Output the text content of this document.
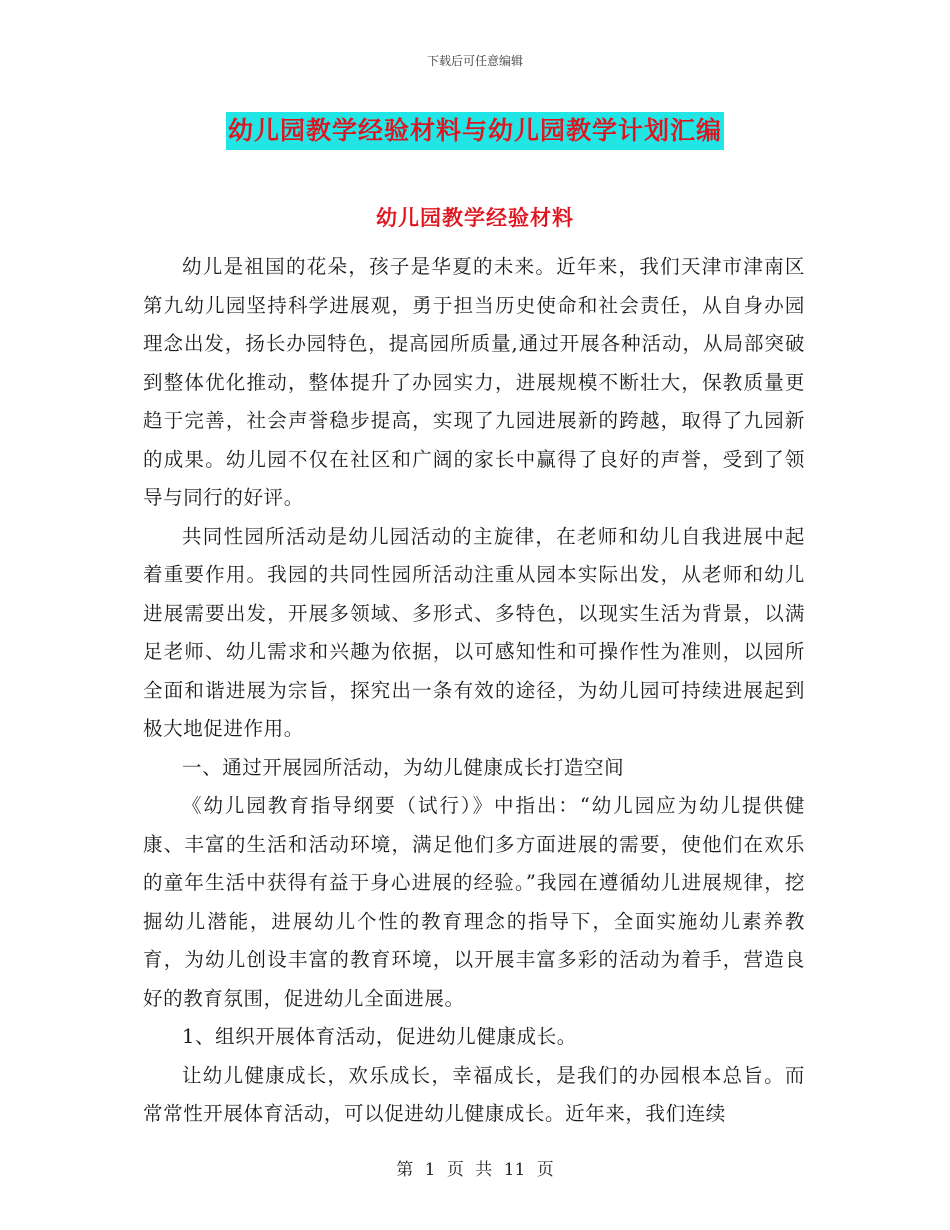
下载后可任意编辑
幼儿园教学经验材料与幼儿园教学计划汇编
幼儿园教学经验材料

幼儿是祖国的花朵，孩子是华夏的未来。近年来，我们天津市津南区第九幼儿园坚持科学进展观，勇于担当历史使命和社会责任，从自身办园理念出发，扬长办园特色，提高园所质量,通过开展各种活动，从局部突破到整体优化推动，整体提升了办园实力，进展规模不断壮大，保教质量更趋于完善，社会声誉稳步提高，实现了九园进展新的跨越，取得了九园新的成果。幼儿园不仅在社区和广阔的家长中赢得了良好的声誉，受到了领导与同行的好评。

共同性园所活动是幼儿园活动的主旋律，在老师和幼儿自我进展中起着重要作用。我园的共同性园所活动注重从园本实际出发，从老师和幼儿进展需要出发，开展多领域、多形式、多特色，以现实生活为背景，以满足老师、幼儿需求和兴趣为依据，以可感知性和可操作性为准则，以园所全面和谐进展为宗旨，探究出一条有效的途径，为幼儿园可持续进展起到极大地促进作用。

一、通过开展园所活动，为幼儿健康成长打造空间

《幼儿园教育指导纲要（试行）》中指出：“幼儿园应为幼儿提供健康、丰富的生活和活动环境，满足他们多方面进展的需要，使他们在欢乐的童年生活中获得有益于身心进展的经验。”我园在遵循幼儿进展规律，挖掘幼儿潜能，进展幼儿个性的教育理念的指导下，全面实施幼儿素养教育，为幼儿创设丰富的教育环境，以开展丰富多彩的活动为着手，营造良好的教育氛围，促进幼儿全面进展。

1、组织开展体育活动，促进幼儿健康成长。

让幼儿健康成长，欢乐成长，幸福成长，是我们的办园根本总旨。而常常性开展体育活动，可以促进幼儿健康成长。近年来，我们连续

第 1 页 共 11 页
